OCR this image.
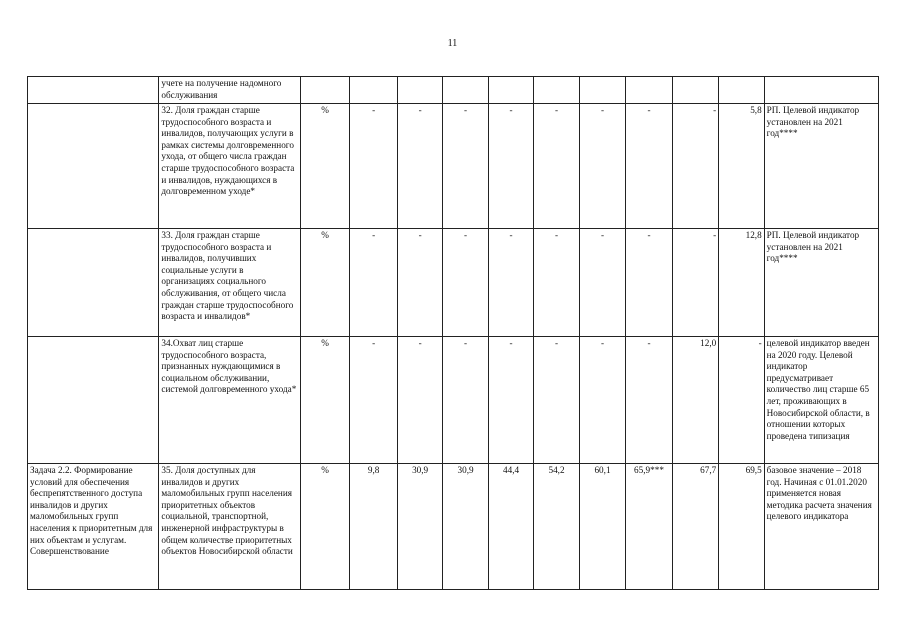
11
	учете на получение надомного обслуживания											
	32. Доля граждан старше трудоспособного возраста и инвалидов, получающих услуги в рамках системы долговременного ухода, от общего числа граждан старше трудоспособного возраста и инвалидов, нуждающихся в долговременном уходе*	%	-	-	-	-	-	-	-	-	5,8	РП. Целевой индикатор установлен на 2021 год****
	33. Доля граждан старше трудоспособного возраста и инвалидов, получивших социальные услуги в организациях социального обслуживания, от общего числа граждан старше трудоспособного возраста и инвалидов*	%	-	-	-	-	-	-	-	-	12,8	РП. Целевой индикатор установлен на 2021 год****
	34.Охват лиц старше трудоспособного возраста, признанных нуждающимися в социальном обслуживании, системой долговременного ухода*	%	-	-	-	-	-	-	-	12,0	-	целевой индикатор введен на 2020 году. Целевой индикатор предусматривает количество лиц старше 65 лет, проживающих в Новосибирской области, в отношении которых проведена типизация
Задача 2.2. Формирование условий для обеспечения беспрепятственного доступа инвалидов и других маломобильных групп населения к приоритетным для них объектам и услугам. Совершенствование	35. Доля доступных для инвалидов и других маломобильных групп населения приоритетных объектов социальной, транспортной, инженерной инфраструктуры в общем количестве приоритетных объектов Новосибирской области	%	9,8	30,9	30,9	44,4	54,2	60,1	65,9***	67,7	69,5	базовое значение – 2018 год. Начиная с 01.01.2020 применяется новая методика расчета значения целевого индикатора
